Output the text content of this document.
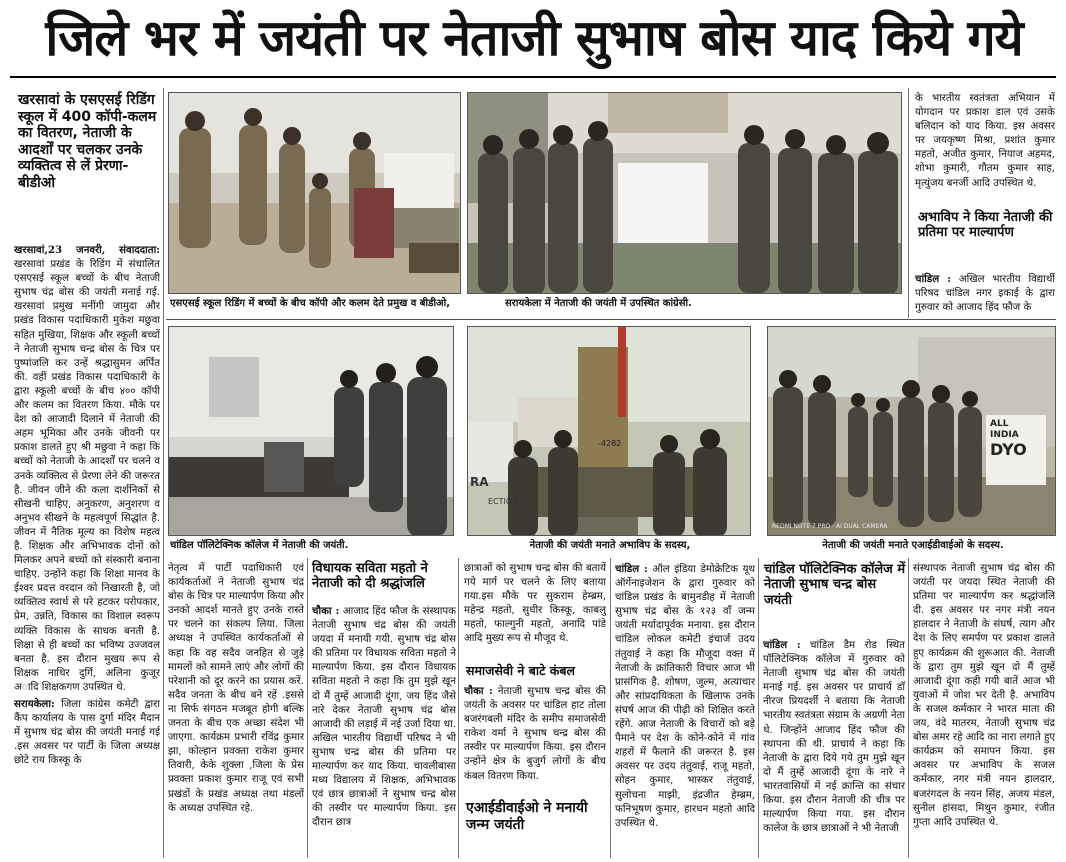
जिले भर में जयंती पर नेताजी सुभाष बोस याद किये गये
खरसावां के एसएसई रिडिंग स्कूल में 400 कॉपी-कलम का वितरण, नेताजी के आदर्शों पर चलकर उनके व्यक्तित्व से लें प्रेरणा-बीडीओ

खरसावां,23 जनवरी, संवाददाता: खरसावां प्रखंड के रिडिंग में संचालित एसएसई स्कूल बच्चों के बीच नेताजी सुभाष चंद्र बोस की जयंती मनाई गई. खरसावां प्रमुख मनींगी जामुदा और प्रखंड विकास पदाधिकारी मुकेश मछुवा सहित मुखिया, शिक्षक और स्कूली बच्चों ने नेताजी सुभाष चन्द्र बोस के चित्र पर पुष्पांजलि कर उन्हें श्रद्धासुमन अर्पित की. वहीं प्रखंड विकास पदाधिकारी के द्वारा स्कूली बच्चों के बीच ४०० कॉपी और कलम का वितरण किया. मौके पर देश को आजादी दिलाने में नेताजी की अहम भूमिका और उनके जीवनी पर प्रकाश डालते हुए श्री मछुवा ने कहा कि बच्चों को नेताजी के आदर्शों पर चलने व उनके व्यक्तित्व से प्रेरणा लेने की जरूरत है. जीवन जीने की कला दार्शनिकों से सीखनी चाहिए, अनुकरण, अनुशरण व अनुभव सीखने के महत्वपूर्ण सिद्धांत है. जीवन में नैतिक मूल्य का विशेष महत्व है. शिक्षक और अभिभावक दोनों को मिलकर अपने बच्चों को संस्कारी बनाना चाहिए. उन्होंने कहा कि शिक्षा मानव के ईश्वर प्रदत्त वरदान को निखारती है, जो व्यक्तित्व स्वार्थ से परे हटकर परोपकार, प्रेम, उन्नति, विकास का विशाल स्वरूप व्यक्ति विकास के साधक बनती है. शिक्षा से ही बच्चों का भविष्य उज्जवल बनता है. इस दौरान मुखय रूप से शिक्षक नाथिर दुर्गि, अलिना कुजूर अादि शिक्षकगण उपस्थित थे.

सरायकेला: जिला कांग्रेस कमेटी द्वारा कैंप कार्यालय के पास दुर्गा मंदिर मैदान में सुभाष चंद्र बोस की जयंती मनाई गई .इस अवसर पर पार्टी के जिला अध्यक्ष छोटे राय किस्कू के

एसएसई स्कूल रिडिंग में बच्चों के बीच कॉपी और कलम देते प्रमुख व बीडीओ,	सरायकेला में नेताजी की जयंती में उपस्थित कांग्रेसी.

के भारतीय स्वतंत्रता अभियान में योगदान पर प्रकाश डाल एवं उसके बलिदान को याद किया. इस अवसर पर जयकृष्ण मिश्रा, प्रशांत कुमार महतो, अजीत कुमार, नियाज अहमद, शोभा कुमारी, गौतम कुमार साह, मृत्युंजय बनर्जी आदि उपस्थित थे.

अभाविप ने किया नेताजी की प्रतिमा पर माल्यार्पण

चांडिल : अखिल भारतीय विद्यार्थी परिषद चांडिल नगर इकाई के द्वारा गुरुवार को आजाद हिंद फौज के

RA
ECTION
-4282
ALL
INDIA
DYO
REDMI NOTE 7 PRO · AI DUAL CAMERA
चांडिल पॉलिटेक्निक कॉलेज में नेताजी की जयंती.	नेताजी की जयंती मनाते अभाविप के सदस्य,	नेताजी की जयंती मनाते एआईडीवाईओ के सदस्य.

नेतृत्व में पार्टी पदाधिकारी एवं कार्यकर्ताओं ने नेताजी सुभाष चंद्र बोस के चित्र पर माल्यार्पण किया और उनको आदर्श मानते हुए उनके रास्ते पर चलने का संकल्प लिया. जिला अध्यक्ष ने उपस्थित कार्यकर्ताओं से कहा कि वह सदैव जनहित से जुड़े मामलों को सामने लाएं और लोगों की परेशानी को दूर करने का प्रयास करें. सदैव जनता के बीच बने रहें .इससे ना सिर्फ संगठन मजबूत होगी बल्कि जनता के बीच एक अच्छा संदेश भी जाएगा. कार्यक्रम प्रभारी रविंद्र कुमार झा, कोल्हान प्रवक्ता राकेश कुमार तिवारी, केके शुक्ला ,जिला के प्रेस प्रवक्ता प्रकाश कुमार राजू एवं सभी प्रखंडों के प्रखंड अध्यक्ष तथा मंडलों के अध्यक्ष उपस्थित रहे.

विधायक सविता महतो ने नेताजी को दी श्रद्धांजलि

चौका : आजाद हिंद फौज के संस्थापक नेताजी सुभाष चंद्र बोस की जयंती जयदा में मनायी गयी. सुभाष चंद्र बोस की प्रतिमा पर विधायक सविता महतो ने माल्यार्पण किया. इस दौरान विधायक सविता महतो ने कहा कि तुम मुझे खून दो मैं तुम्हें आजादी दूंगा, जय हिंद जैसे नारे देकर नेताजी सुभाष चंद्र बोस आजादी की लड़ाई में नई उर्जा दिया था. अखिल भारतीय विद्यार्थी परिषद ने भी सुभाष चन्द्र बोस की प्रतिमा पर माल्यार्पण कर याद किया. चावलीबासा मध्य विद्यालय में शिक्षक, अभिभावक एवं छात्र छात्राओं ने सुभाष चन्द्र बोस की तस्वीर पर माल्यार्पण किया. इस दौरान छात्र

छात्राओं को सुभाष चन्द्र बोस की बतायें गये मार्ग पर चलने के लिए बताया गया.इस मौके पर सुकराम हेम्ब्रम, महेन्द्र महतो, सुधीर किस्कू, काबलु महतो, फाल्गुनी महतो, अनादि पांडे आदि मुख्य रूप से मौजूद थे.

समाजसेवी ने बाटे कंबल

चौका : नेताजी सुभाष चन्द्र बोस की जयंती के अवसर पर चांडिल हाट तोला बजरंगबली मंदिर के समीप समाजसेवी राकेश वर्मा ने सुभाष चन्द्र बोस की तस्वीर पर माल्यार्पण किया. इस दौरान उन्होंने क्षेत्र के बुजुर्ग लोगों के बीच कंबल वितरण किया.

एआईडीवाईओ ने मनायी जन्म जयंती

चांडिल : ऑल इंडिया डेमोक्रेटिक यूथ ऑर्गेनाइजेशन के द्वारा गुरुवार को चांडिल प्रखंड के बामुनडीह में नेताजी सुभाष चंद्र बोस के १२३ वाँ जन्म जयंती मर्यादापूर्वक मनाया. इस दौरान चांडिल लोकल कमेटी इंचार्ज उदय तंतुवाई ने कहा कि मौजूदा वक्त में नेताजी के क्रांतिकारी विचार आज भी प्रासंगिक है. शोषण, जुल्म, अत्याचार और सांप्रदायिकता के खिलाफ उनके संघर्ष आज की पीढ़ी को शिक्षित करते रहेंगे. आज नेताजी के विचारों को बड़े पैमाने पर देश के कोने-कोने में गांव शहरों में फैलाने की जरूरत है. इस अवसर पर उदय तंतुवाई, राजू महतो, सोहन कुमार, भास्कर तंतुवाई, सुलोचना माझी, इंद्रजीत हेम्ब्रम, फनिभूषण कुमार, हारधन महतो आदि उपस्थित थे.

चांडिल पॉलिटेक्निक कॉलेज में नेताजी सुभाष चन्द्र बोस जयंती

चांडिल : चांडिल डैम रोड स्थित पॉलिटेक्निक कॉलेज में गुरुवार को नेताजी सुभाष चंद्र बोस की जयंती मनाई गई. इस अवसर पर प्राचार्य डॉ नीरज प्रियदर्शी ने बताया कि नेताजी भारतीय स्वतंत्रता संग्राम के अग्रणी नेता थे. जिन्होंने आजाद हिंद फौज की स्थापना की थी. प्राचार्य ने कहा कि नेताजी के द्वारा दिये गये तुम मुझे खून दो मैं तुम्हें आजादी दूंगा के नारे ने भारतवासियों में नई क्रान्ति का संचार किया. इस दौरान नेताजी की चीत्र पर माल्यार्पण किया गया. इस दौरान कालेज के छात्र छात्राओं ने भी नेताजी

संस्थापक नेताजी सुभाष चंद्र बोस की जयंती पर जयदा स्थित नेताजी की प्रतिमा पर माल्यार्पण कर श्रद्धांजलि दी. इस अवसर पर नगर मंत्री नयन हालदार ने नेताजी के संघर्ष, त्याग और देश के लिए समर्पण पर प्रकाश डालते हुए कार्यक्रम की शुरूआत की. नेताजी के द्वारा तुम मुझे खून दो मैं तुम्हें आजादी दूंगा कही गयी बातें आज भी युवाओं में जोश भर देती है. अभाविप के सजल कर्मकार ने भारत माता की जय, वंदे मातरम, नेताजी सुभाष चंद्र बोस अमर रहे आदि का नारा लगाते हुए कार्यक्रम को समापन किया. इस अवसर पर अभाविप के सजल कर्मकार, नगर मंत्री नयन हालदार, बजरंगदल के नयन सिंह, अजय मंडल, सुनील हांसदा, मिथुन कुमार, रंजीत गुप्ता आदि उपस्थित थे.
